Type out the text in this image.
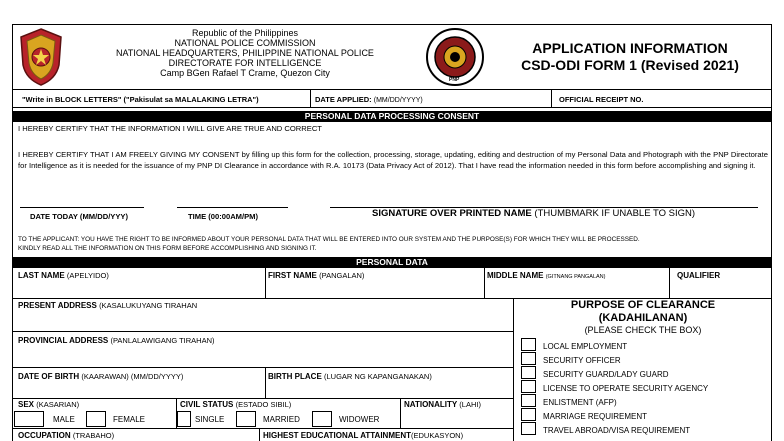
PNP
Republic of the Philippines
NATIONAL POLICE COMMISSION
NATIONAL HEADQUARTERS, PHILIPPINE NATIONAL POLICE
DIRECTORATE FOR INTELLIGENCE
Camp BGen Rafael T Crame, Quezon City
APPLICATION INFORMATION
CSD-ODI FORM 1 (Revised 2021)
"Write in BLOCK LETTERS" ("Pakisulat sa MALALAKING LETRA")	DATE APPLIED: (MM/DD/YYYY)	OFFICIAL RECEIPT NO.
PERSONAL DATA PROCESSING CONSENT
I HEREBY CERTIFY THAT THE INFORMATION I WILL GIVE ARE TRUE AND CORRECT
I HEREBY CERTIFY THAT I AM FREELY GIVING MY CONSENT by filling up this form for the collection, processing, storage, updating, editing and destruction of my Personal Data and Photograph with the PNP Directorate for Intelligence as it is needed for the issuance of my PNP DI Clearance in accordance with R.A. 10173 (Data Privacy Act of 2012). That I have read the information needed in this form before accomplishing and signing it.
DATE TODAY (MM/DD/YYY)	TIME (00:00AM/PM)	SIGNATURE OVER PRINTED NAME (THUMBMARK IF UNABLE TO SIGN)
TO THE APPLICANT: YOU HAVE THE RIGHT TO BE INFORMED ABOUT YOUR PERSONAL DATA THAT WILL BE ENTERED INTO OUR SYSTEM AND THE PURPOSE(S) FOR WHICH THEY WILL BE PROCESSED.
KINDLY READ ALL THE INFORMATION ON THIS FORM BEFORE ACCOMPLISHING AND SIGNING IT.
PERSONAL DATA
LAST NAME (APELYIDO)	FIRST NAME (PANGALAN)	MIDDLE NAME (GITNANG PANGALAN)	QUALIFIER
PRESENT ADDRESS (KASALUKUYANG TIRAHAN
PROVINCIAL ADDRESS (PANLALAWIGANG TIRAHAN)
DATE OF BIRTH (KAARAWAN) (MM/DD/YYYY)	BIRTH PLACE (LUGAR NG KAPANGANAKAN)
SEX (KASARIAN)
MALE	FEMALE
CIVIL STATUS (ESTADO SIBIL)
SINGLE	MARRIED	WIDOWER
NATIONALITY (LAHI)
OCCUPATION (TRABAHO)	HIGHEST EDUCATIONAL ATTAINMENT(EDUKASYON)
PURPOSE OF CLEARANCE
(KADAHILANAN)
(PLEASE CHECK THE BOX)
LOCAL EMPLOYMENT
SECURITY OFFICER
SECURITY GUARD/LADY GUARD
LICENSE TO OPERATE SECURITY AGENCY
ENLISTMENT (AFP)
MARRIAGE REQUIREMENT
TRAVEL ABROAD/VISA REQUIREMENT
